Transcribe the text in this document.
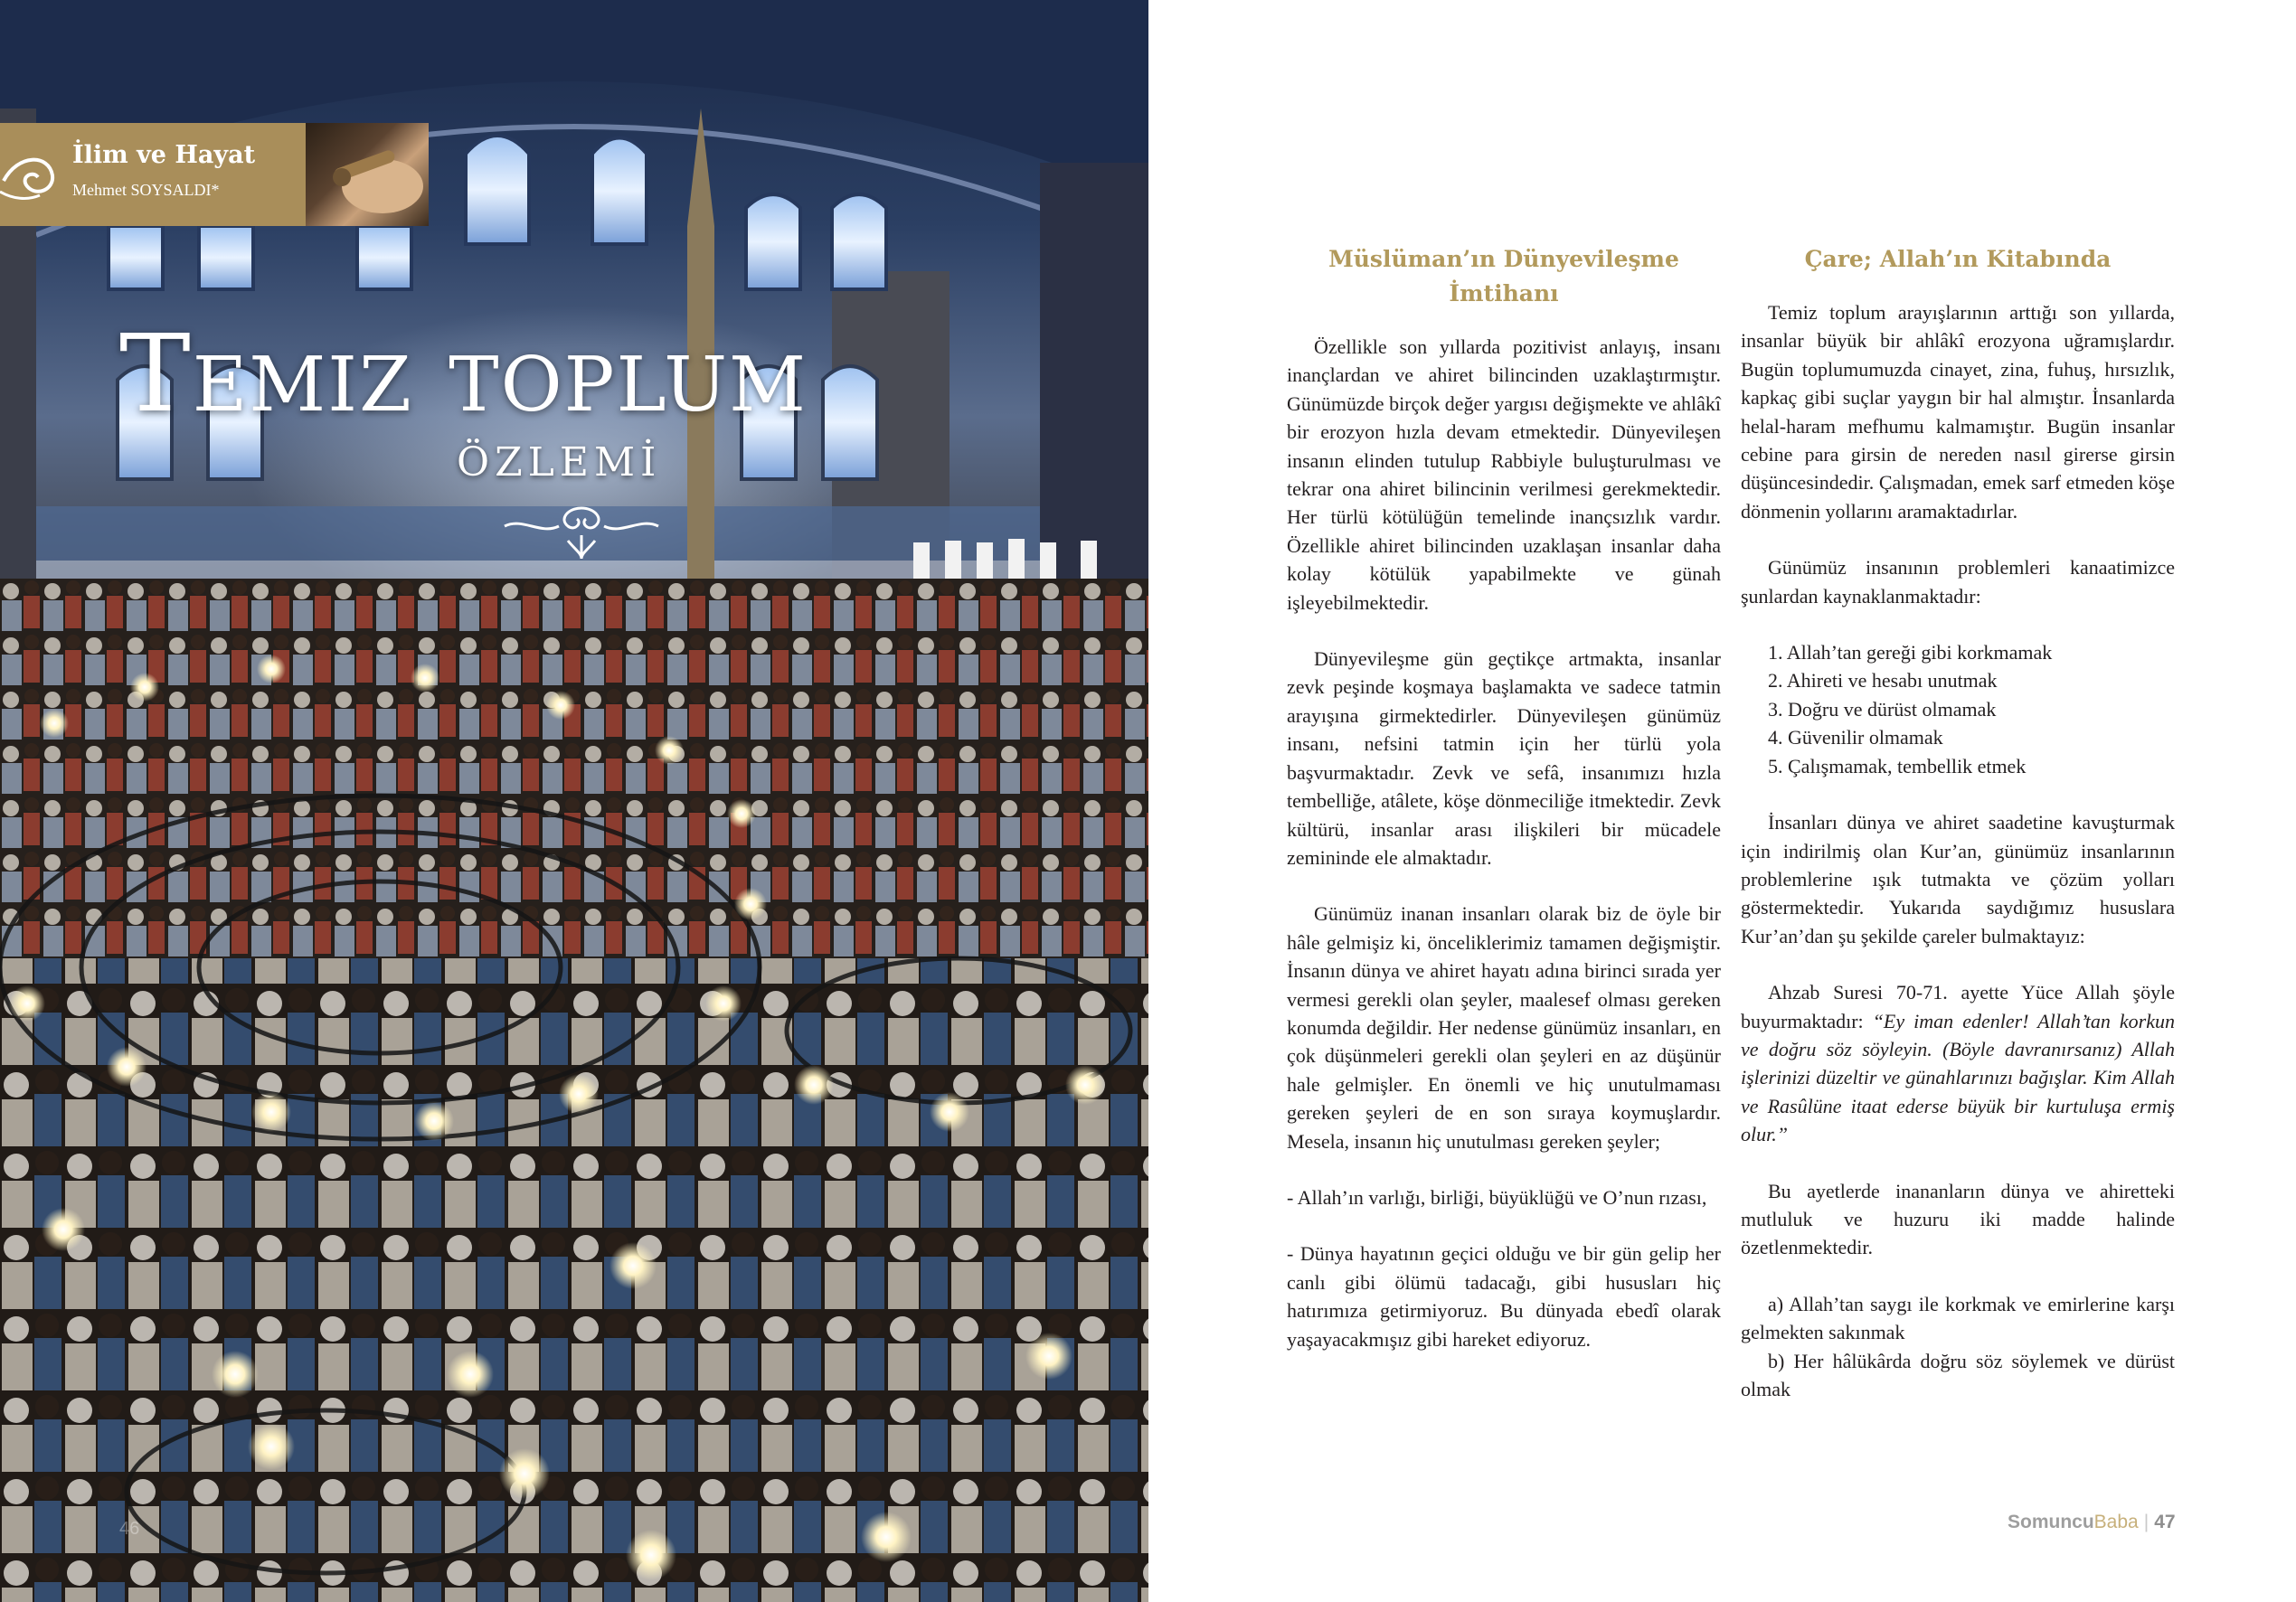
İlim ve Hayat
Mehmet SOYSALDI*
Temiz toplum
ÖZLEMİ
46
Müslüman’ın Dünyevileşme İmtihanı

Özellikle son yıllarda pozitivist anlayış, insanı inançlardan ve ahiret bilincinden uzaklaştırmıştır. Günümüzde birçok değer yargısı değişmekte ve ahlâkî bir erozyon hızla devam etmektedir. Dünyevileşen insanın elinden tutulup Rabbiyle buluşturulması ve tekrar ona ahiret bilincinin verilmesi gerekmektedir. Her türlü kötülüğün temelinde inançsızlık vardır. Özellikle ahiret bilincinden uzaklaşan insanlar daha kolay kötülük yapabilmekte ve günah işleyebilmektedir.

Dünyevileşme gün geçtikçe artmakta, insanlar zevk peşinde koşmaya başlamakta ve sadece tatmin arayışına girmektedirler. Dünyevileşen günümüz insanı, nefsini tatmin için her türlü yola başvurmaktadır. Zevk ve sefâ, insanımızı hızla tembelliğe, atâlete, köşe dönmeciliğe itmektedir. Zevk kültürü, insanlar arası ilişkileri bir mücadele zemininde ele almaktadır.

Günümüz inanan insanları olarak biz de öyle bir hâle gelmişiz ki, önceliklerimiz tamamen değişmiştir. İnsanın dünya ve ahiret hayatı adına birinci sırada yer vermesi gerekli olan şeyler, maalesef olması gereken konumda değildir. Her nedense günümüz insanları, en çok düşünmeleri gerekli olan şeyleri en az düşünür hale gelmişler. En önemli ve hiç unutulmaması gereken şeyleri de en son sıraya koymuşlardır. Mesela, insanın hiç unutulması gereken şeyler;

- Allah’ın varlığı, birliği, büyüklüğü ve O’nun rızası,

- Dünya hayatının geçici olduğu ve bir gün gelip her canlı gibi ölümü tadacağı, gibi hususları hiç hatırımıza getirmiyoruz. Bu dünyada ebedî olarak yaşayacakmışız gibi hareket ediyoruz.

Çare; Allah’ın Kitabında

Temiz toplum arayışlarının arttığı son yıllarda, insanlar büyük bir ahlâkî erozyona uğramışlardır. Bugün toplumumuzda cinayet, zina, fuhuş, hırsızlık, kapkaç gibi suçlar yaygın bir hal almıştır. İnsanlarda helal-haram mefhumu kalmamıştır. Bugün insanlar cebine para girsin de nereden nasıl girerse girsin düşüncesindedir. Çalışmadan, emek sarf etmeden köşe dönmenin yollarını aramaktadırlar.

Günümüz insanının problemleri kanaatimizce şunlardan kaynaklanmaktadır:

1. Allah’tan gereği gibi korkmamak
2. Ahireti ve hesabı unutmak
3. Doğru ve dürüst olmamak
4. Güvenilir olmamak
5. Çalışmamak, tembellik etmek

İnsanları dünya ve ahiret saadetine kavuşturmak için indirilmiş olan Kur’an, günümüz insanlarının problemlerine ışık tutmakta ve çözüm yolları göstermektedir. Yukarıda saydığımız hususlara Kur’an’dan şu şekilde çareler bulmaktayız:

Ahzab Suresi 70-71. ayette Yüce Allah şöyle buyurmaktadır: “Ey iman edenler! Allah’tan korkun ve doğru söz söyleyin. (Böyle davranırsanız) Allah işlerinizi düzeltir ve günahlarınızı bağışlar. Kim Allah ve Rasûlüne itaat ederse büyük bir kurtuluşa ermiş olur.”

Bu ayetlerde inananların dünya ve ahiretteki mutluluk ve huzuru iki madde halinde özetlenmektedir.

a) Allah’tan saygı ile korkmak ve emirlerine karşı gelmekten sakınmak

b) Her hâlükârda doğru söz söylemek ve dürüst olmak

SomuncuBaba | 47
